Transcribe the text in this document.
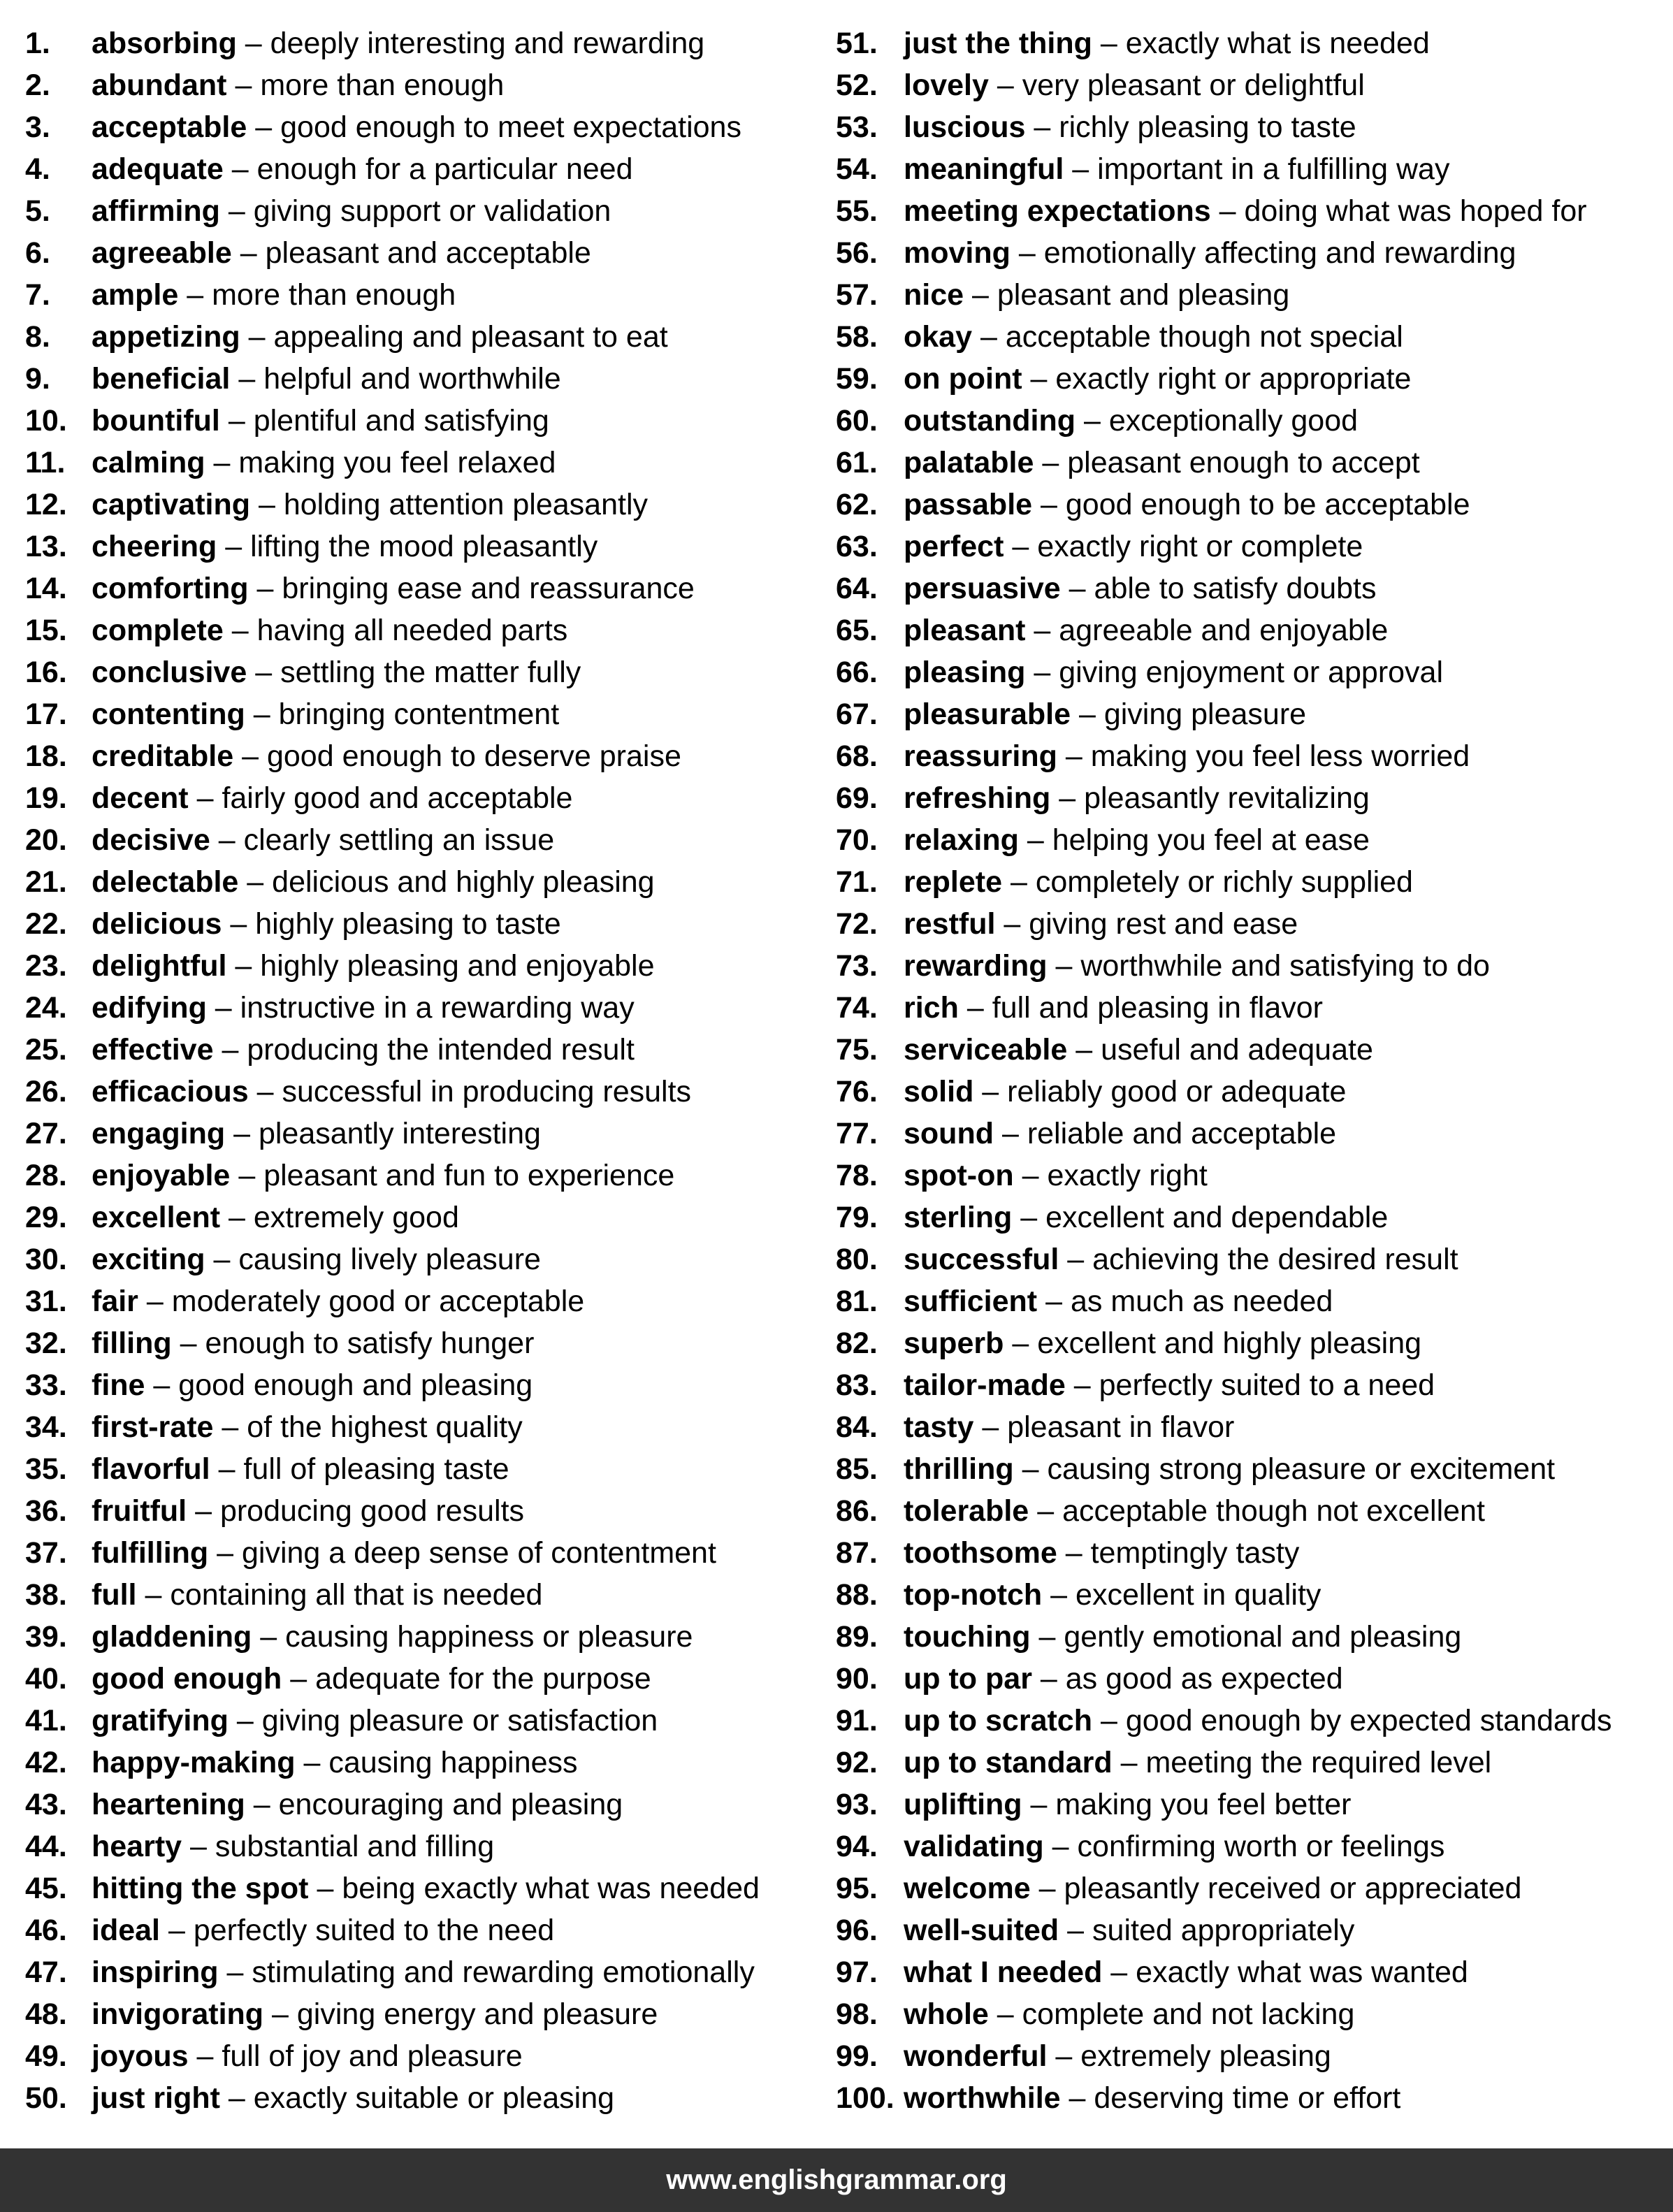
1. absorbing – deeply interesting and rewarding
2. abundant – more than enough
3. acceptable – good enough to meet expectations
4. adequate – enough for a particular need
5. affirming – giving support or validation
6. agreeable – pleasant and acceptable
7. ample – more than enough
8. appetizing – appealing and pleasant to eat
9. beneficial – helpful and worthwhile
10. bountiful – plentiful and satisfying
11. calming – making you feel relaxed
12. captivating – holding attention pleasantly
13. cheering – lifting the mood pleasantly
14. comforting – bringing ease and reassurance
15. complete – having all needed parts
16. conclusive – settling the matter fully
17. contenting – bringing contentment
18. creditable – good enough to deserve praise
19. decent – fairly good and acceptable
20. decisive – clearly settling an issue
21. delectable – delicious and highly pleasing
22. delicious – highly pleasing to taste
23. delightful – highly pleasing and enjoyable
24. edifying – instructive in a rewarding way
25. effective – producing the intended result
26. efficacious – successful in producing results
27. engaging – pleasantly interesting
28. enjoyable – pleasant and fun to experience
29. excellent – extremely good
30. exciting – causing lively pleasure
31. fair – moderately good or acceptable
32. filling – enough to satisfy hunger
33. fine – good enough and pleasing
34. first-rate – of the highest quality
35. flavorful – full of pleasing taste
36. fruitful – producing good results
37. fulfilling – giving a deep sense of contentment
38. full – containing all that is needed
39. gladdening – causing happiness or pleasure
40. good enough – adequate for the purpose
41. gratifying – giving pleasure or satisfaction
42. happy-making – causing happiness
43. heartening – encouraging and pleasing
44. hearty – substantial and filling
45. hitting the spot – being exactly what was needed
46. ideal – perfectly suited to the need
47. inspiring – stimulating and rewarding emotionally
48. invigorating – giving energy and pleasure
49. joyous – full of joy and pleasure
50. just right – exactly suitable or pleasing
51. just the thing – exactly what is needed
52. lovely – very pleasant or delightful
53. luscious – richly pleasing to taste
54. meaningful – important in a fulfilling way
55. meeting expectations – doing what was hoped for
56. moving – emotionally affecting and rewarding
57. nice – pleasant and pleasing
58. okay – acceptable though not special
59. on point – exactly right or appropriate
60. outstanding – exceptionally good
61. palatable – pleasant enough to accept
62. passable – good enough to be acceptable
63. perfect – exactly right or complete
64. persuasive – able to satisfy doubts
65. pleasant – agreeable and enjoyable
66. pleasing – giving enjoyment or approval
67. pleasurable – giving pleasure
68. reassuring – making you feel less worried
69. refreshing – pleasantly revitalizing
70. relaxing – helping you feel at ease
71. replete – completely or richly supplied
72. restful – giving rest and ease
73. rewarding – worthwhile and satisfying to do
74. rich – full and pleasing in flavor
75. serviceable – useful and adequate
76. solid – reliably good or adequate
77. sound – reliable and acceptable
78. spot-on – exactly right
79. sterling – excellent and dependable
80. successful – achieving the desired result
81. sufficient – as much as needed
82. superb – excellent and highly pleasing
83. tailor-made – perfectly suited to a need
84. tasty – pleasant in flavor
85. thrilling – causing strong pleasure or excitement
86. tolerable – acceptable though not excellent
87. toothsome – temptingly tasty
88. top-notch – excellent in quality
89. touching – gently emotional and pleasing
90. up to par – as good as expected
91. up to scratch – good enough by expected standards
92. up to standard – meeting the required level
93. uplifting – making you feel better
94. validating – confirming worth or feelings
95. welcome – pleasantly received or appreciated
96. well-suited – suited appropriately
97. what I needed – exactly what was wanted
98. whole – complete and not lacking
99. wonderful – extremely pleasing
100. worthwhile – deserving time or effort
www.englishgrammar.org
